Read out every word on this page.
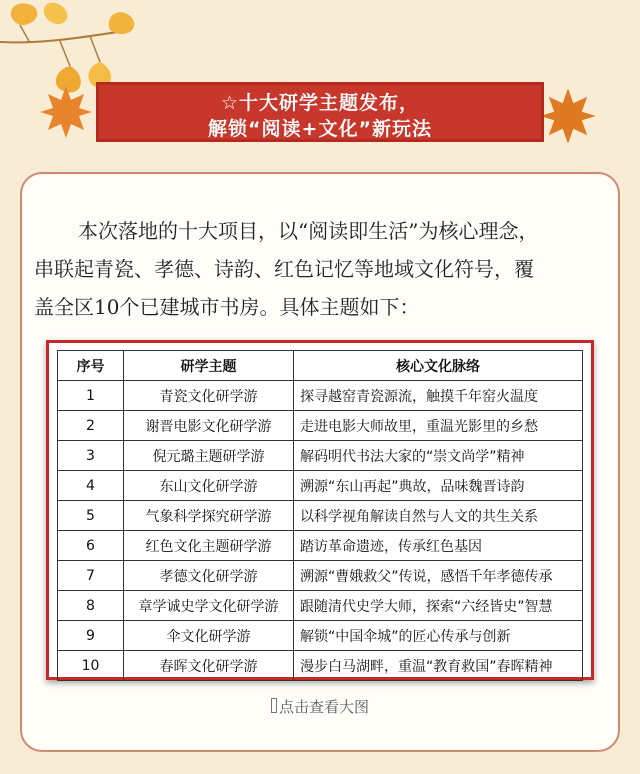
☆十大研学主题发布，
解锁“阅读+文化”新玩法
本次落地的十大项目，以“阅读即生活”为核心理念，
串联起青瓷、孝德、诗韵、红色记忆等地域文化符号，覆
盖全区10个已建城市书房。具体主题如下：
序号	研学主题	核心文化脉络
1	青瓷文化研学游	探寻越窑青瓷源流，触摸千年窑火温度
2	谢晋电影文化研学游	走进电影大师故里，重温光影里的乡愁
3	倪元璐主题研学游	解码明代书法大家的“崇文尚学”精神
4	东山文化研学游	溯源“东山再起”典故，品味魏晋诗韵
5	气象科学探究研学游	以科学视角解读自然与人文的共生关系
6	红色文化主题研学游	踏访革命遗迹，传承红色基因
7	孝德文化研学游	溯源“曹娥救父”传说，感悟千年孝德传承
8	章学诚史学文化研学游	跟随清代史学大师，探索“六经皆史”智慧
9	伞文化研学游	解锁“中国伞城”的匠心传承与创新
10	春晖文化研学游	漫步白马湖畔，重温“教育救国”春晖精神
点击查看大图
